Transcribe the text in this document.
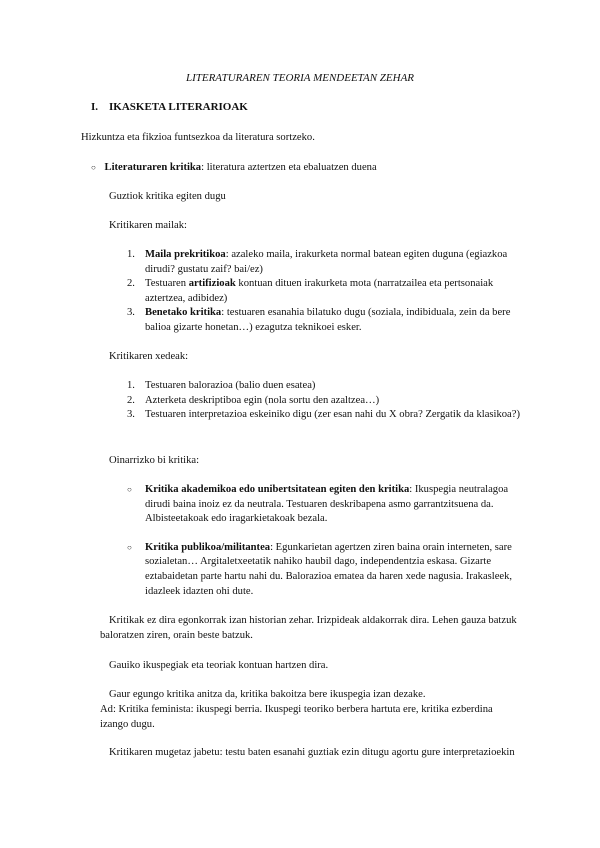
LITERATURAREN TEORIA MENDEETAN ZEHAR
I. IKASKETA LITERARIOAK
Hizkuntza eta fikzioa funtsezkoa da literatura sortzeko.
○ Literaturaren kritika: literatura aztertzen eta ebaluatzen duena
Guztiok kritika egiten dugu
Kritikaren mailak:
1. Maila prekritikoa: azaleko maila, irakurketa normal batean egiten duguna (egiazkoa dirudi? gustatu zaif? bai/ez)
2. Testuaren artifizioak kontuan dituen irakurketa mota (narratzailea eta pertsonaiak aztertzea, adibidez)
3. Benetako kritika: testuaren esanahia bilatuko dugu (soziala, indibiduala, zein da bere balioa gizarte honetan…) ezagutza teknikoei esker.
Kritikaren xedeak:
1. Testuaren balorazioa (balio duen esatea)
2. Azterketa deskriptiboa egin (nola sortu den azaltzea…)
3. Testuaren interpretazioa eskeiniko digu (zer esan nahi du X obra? Zergatik da klasikoa?)
Oinarrizko bi kritika:
○	Kritika akademikoa edo unibertsitatean egiten den kritika: Ikuspegia neutralagoa dirudi baina inoiz ez da neutrala. Testuaren deskribapena asmo garrantzitsuena da. Albisteetakoak edo iragarkietakoak bezala.
○	Kritika publikoa/militantea: Egunkarietan agertzen ziren baina orain interneten, sare sozialetan… Argitaletxeetatik nahiko haubil dago, independentzia eskasa. Gizarte eztabaidetan parte hartu nahi du. Balorazioa ematea da haren xede nagusia. Irakasleek, idazleek idazten ohi dute.
Kritikak ez dira egonkorrak izan historian zehar. Irizpideak aldakorrak dira. Lehen gauza batzuk baloratzen ziren, orain beste batzuk.
Gauiko ikuspegiak eta teoriak kontuan hartzen dira.
Gaur egungo kritika anitza da, kritika bakoitza bere ikuspegia izan dezake.
Ad: Kritika feminista: ikuspegi berria. Ikuspegi teoriko berbera hartuta ere, kritika ezberdina izango dugu.
Kritikaren mugetaz jabetu: testu baten esanahi guztiak ezin ditugu agortu gure interpretazioekin
